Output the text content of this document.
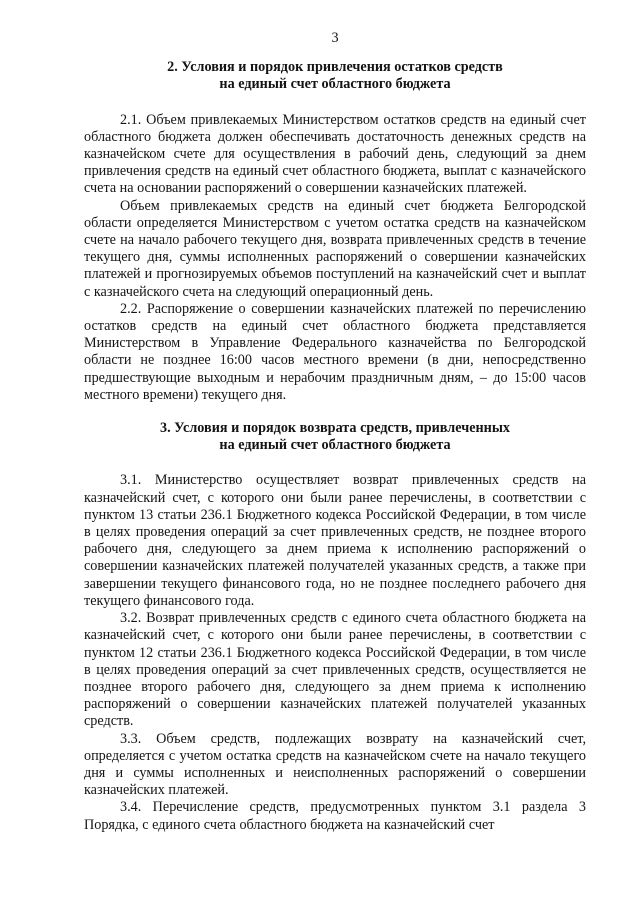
3
2. Условия и порядок привлечения остатков средств
на единый счет областного бюджета

2.1. Объем привлекаемых Министерством остатков средств на единый счет областного бюджета должен обеспечивать достаточность денежных средств на казначейском счете для осуществления в рабочий день, следующий за днем привлечения средств на единый счет областного бюджета, выплат с казначейского счета на основании распоряжений о совершении казначейских платежей.

Объем привлекаемых средств на единый счет бюджета Белгородской области определяется Министерством с учетом остатка средств на казначейском счете на начало рабочего текущего дня, возврата привлеченных средств в течение текущего дня, суммы исполненных распоряжений о совершении казначейских платежей и прогнозируемых объемов поступлений на казначейский счет и выплат с казначейского счета на следующий операционный день.

2.2. Распоряжение о совершении казначейских платежей по перечислению остатков средств на единый счет областного бюджета представляется Министерством в Управление Федерального казначейства по Белгородской области не позднее 16:00 часов местного времени (в дни, непосредственно предшествующие выходным и нерабочим праздничным дням, – до 15:00 часов местного времени) текущего дня.

3. Условия и порядок возврата средств, привлеченных
на единый счет областного бюджета

3.1. Министерство осуществляет возврат привлеченных средств на казначейский счет, с которого они были ранее перечислены, в соответствии с пунктом 13 статьи 236.1 Бюджетного кодекса Российской Федерации, в том числе в целях проведения операций за счет привлеченных средств, не позднее второго рабочего дня, следующего за днем приема к исполнению распоряжений о совершении казначейских платежей получателей указанных средств, а также при завершении текущего финансового года, но не позднее последнего рабочего дня текущего финансового года.

3.2. Возврат привлеченных средств с единого счета областного бюджета на казначейский счет, с которого они были ранее перечислены, в соответствии с пунктом 12 статьи 236.1 Бюджетного кодекса Российской Федерации, в том числе в целях проведения операций за счет привлеченных средств, осуществляется не позднее второго рабочего дня, следующего за днем приема к исполнению распоряжений о совершении казначейских платежей получателей указанных средств.

3.3. Объем средств, подлежащих возврату на казначейский счет, определяется с учетом остатка средств на казначейском счете на начало текущего дня и суммы исполненных и неисполненных распоряжений о совершении казначейских платежей.

3.4. Перечисление средств, предусмотренных пунктом 3.1 раздела 3 Порядка, с единого счета областного бюджета на казначейский счет
